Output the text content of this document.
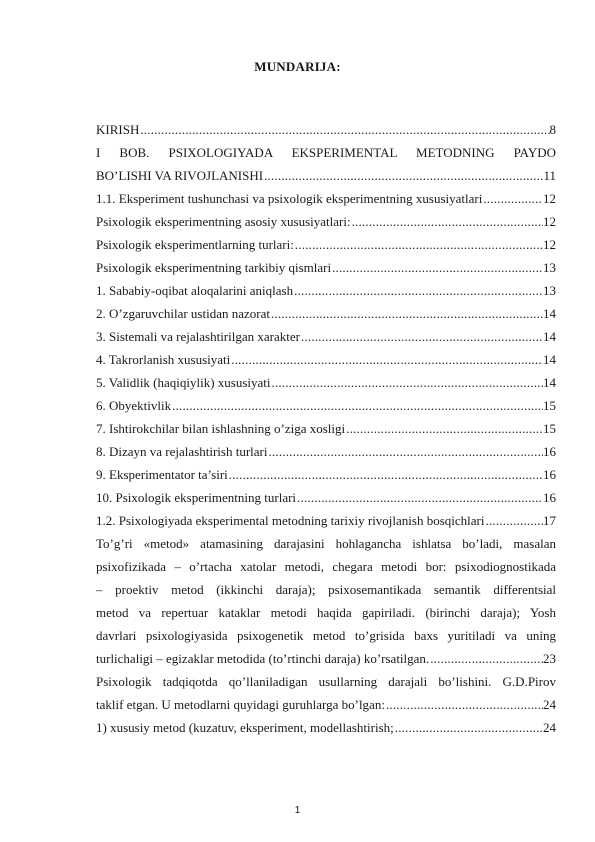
MUNDARIJA:
KIRISH .....	8
I BOB. PSIXOLOGIYADA EKSPERIMENTAL METODNING PAYDO
BO’LISHI VA RIVOJLANISHI .....	11
1.1. Eksperiment tushunchasi va psixologik eksperimentning xususiyatlari .....	12
Psixologik eksperimentning asosiy xususiyatlari: .....	12
Psixologik eksperimentlarning turlari: .....	12
Psixologik eksperimentning tarkibiy qismlari .....	13
1. Sababiy-oqibat aloqalarini aniqlash .....	13
2. O’zgaruvchilar ustidan nazorat .....	14
3. Sistemali va rejalashtirilgan xarakter .....	14
4. Takrorlanish xususiyati .....	14
5. Validlik (haqiqiylik) xususiyati .....	14
6. Obyektivlik .....	15
7. Ishtirokchilar bilan ishlashning o’ziga xosligi .....	15
8. Dizayn va rejalashtirish turlari .....	16
9. Eksperimentator ta’siri .....	16
10. Psixologik eksperimentning turlari .....	16
1.2. Psixologiyada eksperimental metodning tarixiy rivojlanish bosqichlari .....	17
To’g’ri «metod» atamasining darajasini hohlagancha ishlatsa bo’ladi, masalan
psixofizikada – o’rtacha xatolar metodi, chegara metodi bor: psixodiognostikada
– proektiv metod (ikkinchi daraja); psixosemantikada semantik differentsial
metod va repertuar kataklar metodi haqida gapiriladi. (birinchi daraja); Yosh
davrlari psixologiyasida psixogenetik metod to’grisida baxs yuritiladi va uning
turlichaligi – egizaklar metodida (to’rtinchi daraja) ko’rsatilgan. .....	23
Psixologik tadqiqotda qo’llaniladigan usullarning darajali bo’lishini. G.D.Pirov
taklif etgan. U metodlarni quyidagi guruhlarga bo’lgan: .....	24
1) xususiy metod (kuzatuv, eksperiment, modellashtirish; .....	24
1
